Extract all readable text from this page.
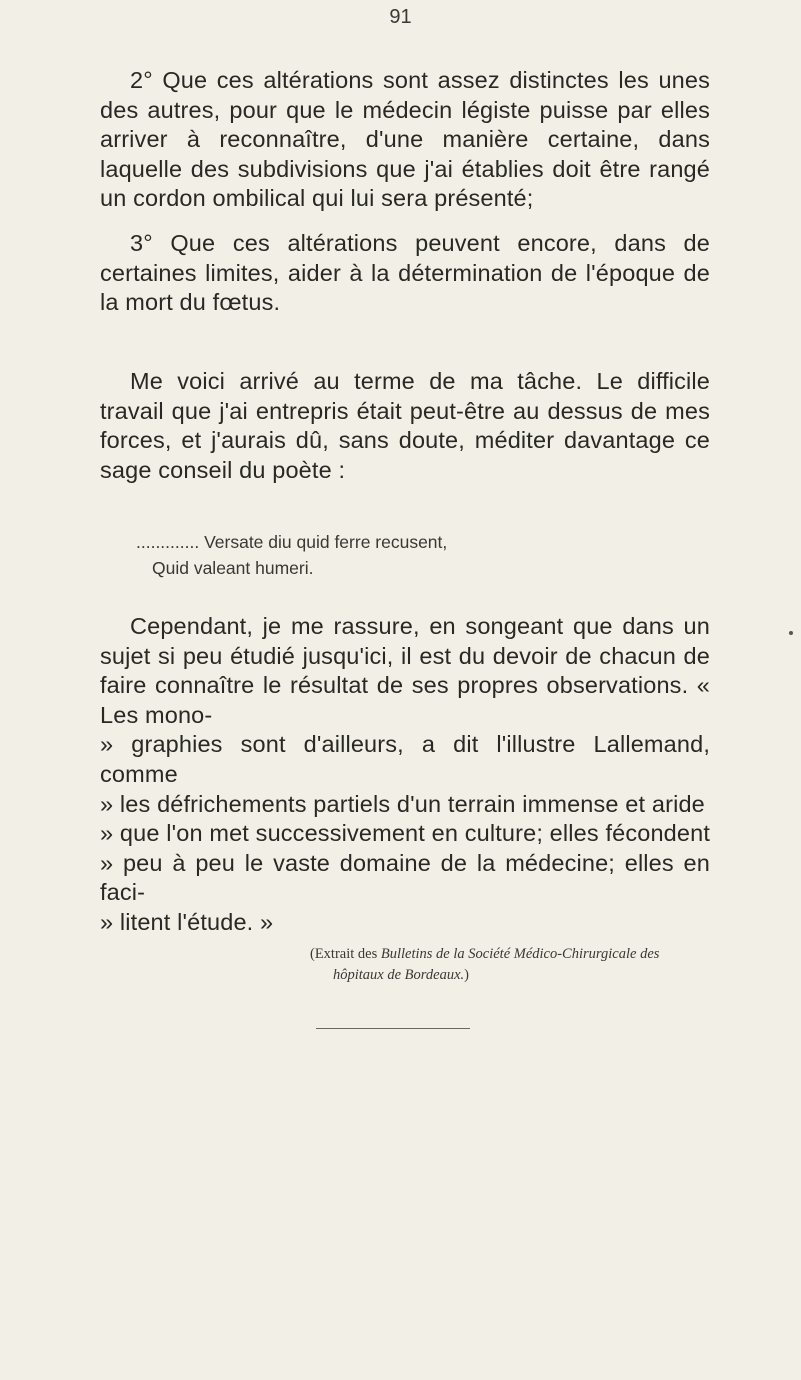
91

2° Que ces altérations sont assez distinctes les unes des autres, pour que le médecin légiste puisse par elles arriver à reconnaître, d'une manière certaine, dans laquelle des subdivisions que j'ai établies doit être rangé un cordon ombilical qui lui sera présenté;

3° Que ces altérations peuvent encore, dans de certaines limites, aider à la détermination de l'époque de la mort du fœtus.

Me voici arrivé au terme de ma tâche. Le difficile travail que j'ai entrepris était peut-être au dessus de mes forces, et j'aurais dû, sans doute, méditer davantage ce sage conseil du poète :

............. Versate diu quid ferre recusent,
Quid valeant humeri.

Cependant, je me rassure, en songeant que dans un sujet si peu étudié jusqu'ici, il est du devoir de chacun de faire connaître le résultat de ses propres observations. « Les mono-

» graphies sont d'ailleurs, a dit l'illustre Lallemand, comme
» les défrichements partiels d'un terrain immense et aride
» que l'on met successivement en culture; elles fécondent
» peu à peu le vaste domaine de la médecine; elles en faci-
» litent l'étude. »
(Extrait des Bulletins de la Société Médico-Chirurgicale des
hôpitaux de Bordeaux.)
